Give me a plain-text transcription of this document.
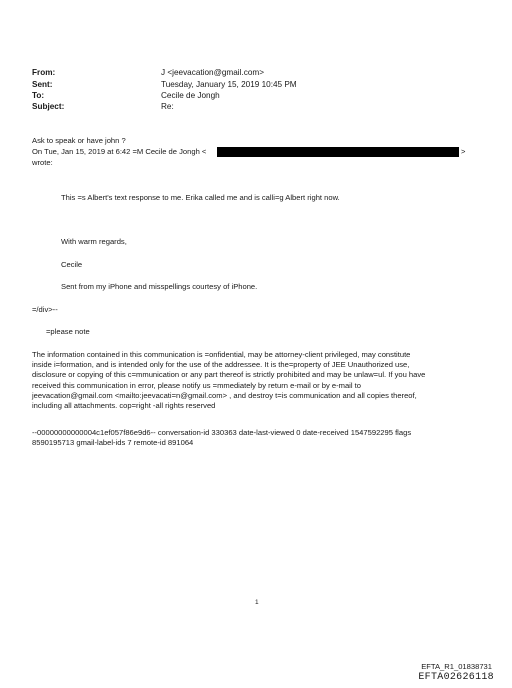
From:	J <jeevacation@gmail.com>
Sent:	Tuesday, January 15, 2019 10:45 PM
To:	Cecile de Jongh
Subject:	Re:
Ask to speak or have john ?
On Tue, Jan 15, 2019 at 6:42 =M Cecile de Jongh <	>
wrote:
This =s Albert's text response to me. Erika called me and is calli=g Albert right now.
With warm regards,
Cecile
Sent from my iPhone and misspellings courtesy of iPhone.
=/div>--
=please note
The information contained in this communication is =onfidential, may be attorney-client privileged, may constitute
inside i=formation, and is intended only for the use of the addressee. It is the=property of JEE Unauthorized use,
disclosure or copying of this c=mmunication or any part thereof is strictly prohibited and may be unlaw=ul. If you have
received this communication in error, please notify us =mmediately by return e-mail or by e-mail to
jeevacation@gmail.com <mailto:jeevacati=n@gmail.com> , and destroy t=is communication and all copies thereof,
including all attachments. cop=right -all rights reserved
--00000000000004c1ef057f86e9d6-- conversation-id 330363 date-last-viewed 0 date-received 1547592295 flags
8590195713 gmail-label-ids 7 remote-id 891064
1
EFTA_R1_01838731
EFTA02626118
